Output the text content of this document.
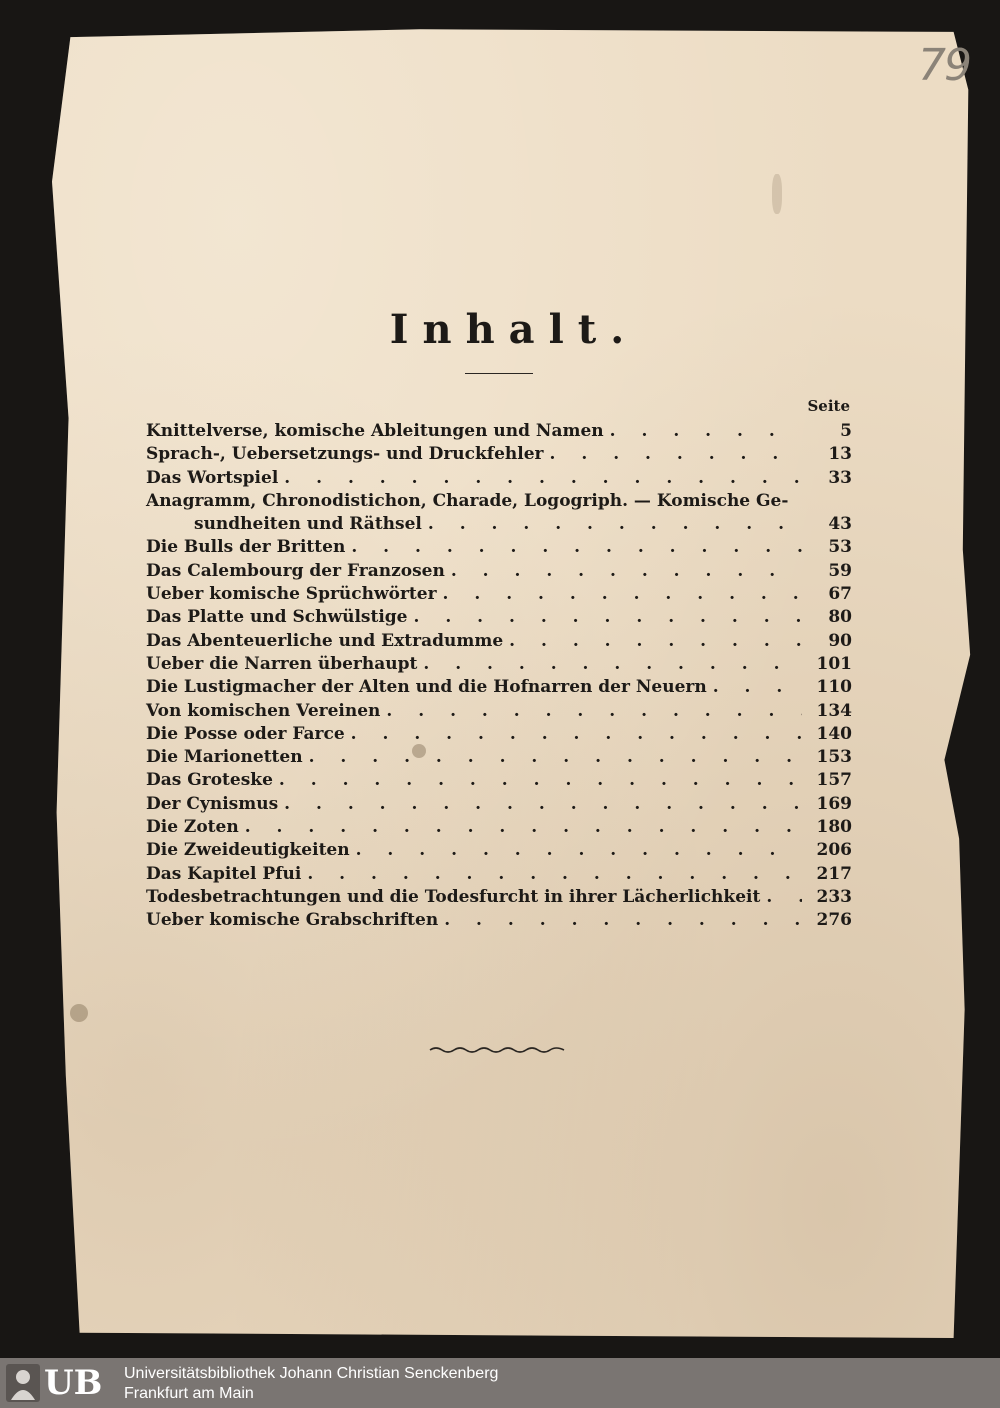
79
Inhalt.
Seite
Knittelverse, komische Ableitungen und Namen . . .	5
Sprach-, Uebersetzungs- und Druckfehler . . .	13
Das Wortspiel . . .	33
Anagramm, Chronodistichon, Charade, Logogriph. — Komische Ge-
sundheiten und Räthsel . . .	43
Die Bulls der Britten . . .	53
Das Calembourg der Franzosen . . .	59
Ueber komische Sprüchwörter . . .	67
Das Platte und Schwülstige . . .	80
Das Abenteuerliche und Extradumme . . .	90
Ueber die Narren überhaupt . . .	101
Die Lustigmacher der Alten und die Hofnarren der Neuern . . .	110
Von komischen Vereinen . . .	134
Die Posse oder Farce . . .	140
Die Marionetten . . .	153
Das Groteske . . .	157
Der Cynismus . . .	169
Die Zoten . . .	180
Die Zweideutigkeiten . . .	206
Das Kapitel Pfui . . .	217
Todesbetrachtungen und die Todesfurcht in ihrer Lächerlichkeit . . .	233
Ueber komische Grabschriften . . .	276
UB Universitätsbibliothek Johann Christian Senckenberg
Frankfurt am Main
